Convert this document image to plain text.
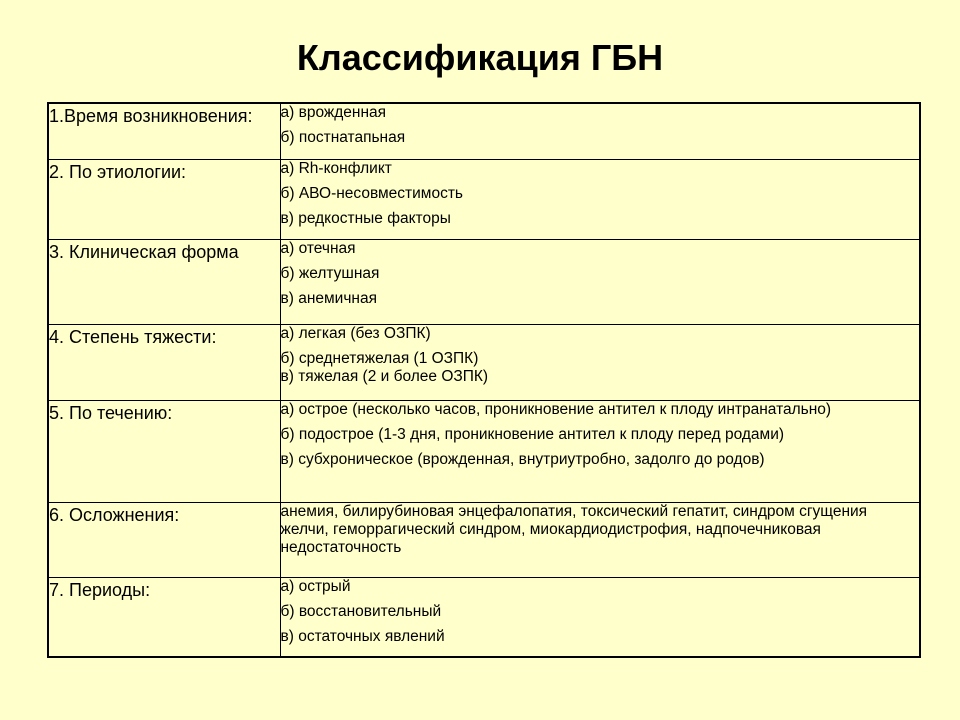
Классификация ГБН
1.Время возникновения:	а) врожденная
б) постнатапьная

2. По этиологии:	а) Rh-конфликт
б) АВО-несовместимость
в) редкостные факторы

3. Клиническая форма	а) отечная
б) желтушная
в) анемичная

4. Степень тяжести:	а) легкая (без ОЗПК)
б) среднетяжелая (1 ОЗПК)
в) тяжелая (2 и более ОЗПК)

5. По течению:	а) острое (несколько часов, проникновение антител к плоду интранатально)
б) подострое (1-3 дня, проникновение антител к плоду перед родами)
в) субхроническое (врожденная, внутриутробно, задолго до родов)

6. Осложнения:	анемия, билирубиновая энцефалопатия, токсический гепатит, синдром сгущения желчи, геморрагический синдром, миокардиодистрофия, надпочечниковая недостаточность

7. Периоды:	а) острый
б) восстановительный
в) остаточных явлений
